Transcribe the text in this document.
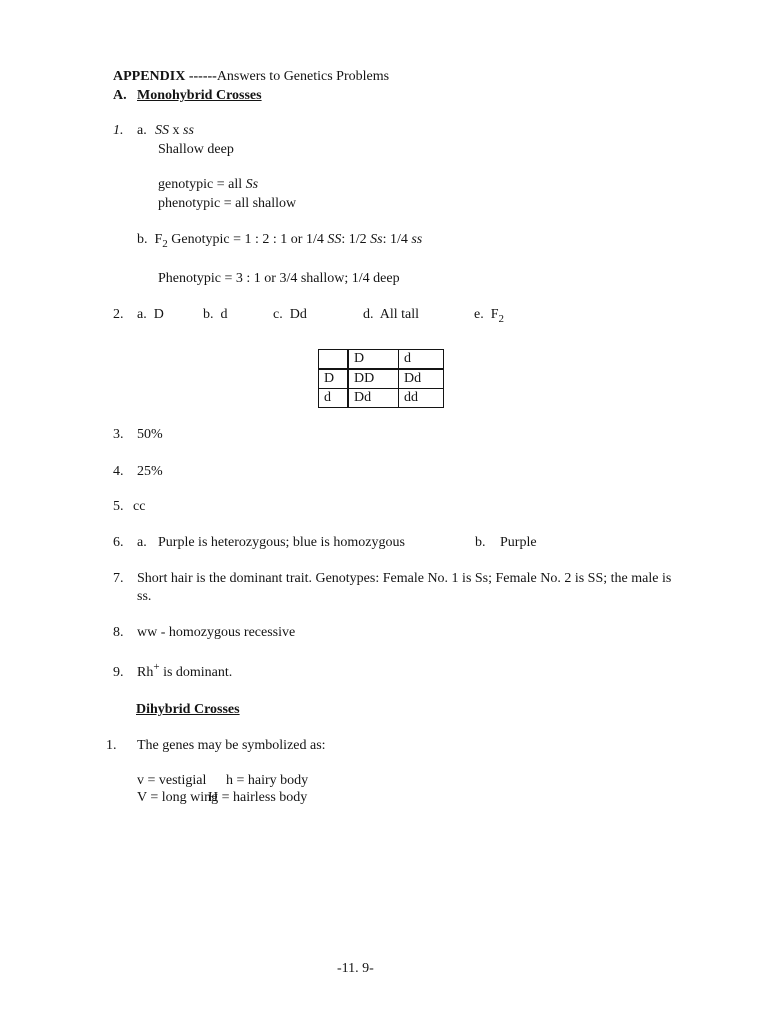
APPENDIX ------Answers to Genetics Problems
A. Monohybrid Crosses
1. a. SS x ss
Shallow deep
genotypic = all Ss
phenotypic = all shallow
b.  $F_2$ Genotypic = 1 : 2 : 1 or 1/4 SS: 1/2 Ss: 1/4 ss
Phenotypic = 3 : 1 or 3/4 shallow; 1/4 deep
2. a.  D	b.  d	c.  Dd	d.  All tall	e.  $F_2$
	D	d
D	DD	Dd
d	Dd	dd
3. 50%
4. 25%
5. cc
6. a. Purple is heterozygous; blue is homozygous	b. Purple
7. Short hair is the dominant trait. Genotypes: Female No. 1 is Ss; Female No. 2 is SS; the male is
ss.
8. ww - homozygous recessive
9. Rh+ is dominant.
Dihybrid Crosses
1. The genes may be symbolized as:
v = vestigial h = hairy body
V = long wing
H = hairless body
-11. 9-
